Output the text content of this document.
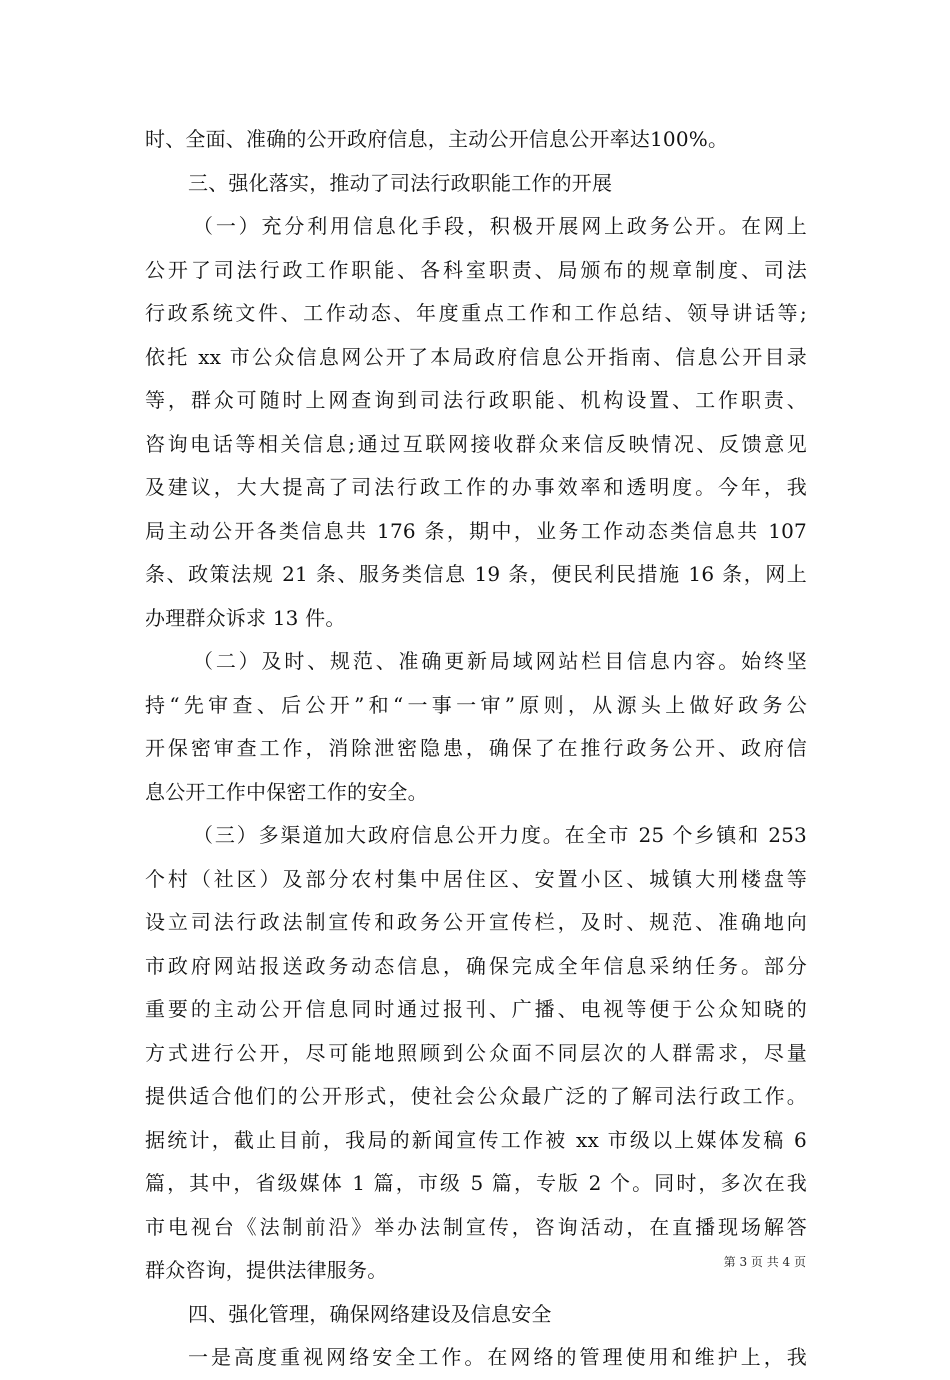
时、全面、准确的公开政府信息，主动公开信息公开率达100%。
三、强化落实，推动了司法行政职能工作的开展
（一）充分利用信息化手段，积极开展网上政务公开。在网上
公开了司法行政工作职能、各科室职责、局颁布的规章制度、司法
行政系统文件、工作动态、年度重点工作和工作总结、领导讲话等;
依托 xx 市公众信息网公开了本局政府信息公开指南、信息公开目录
等，群众可随时上网查询到司法行政职能、机构设置、工作职责、
咨询电话等相关信息;通过互联网接收群众来信反映情况、反馈意见
及建议，大大提高了司法行政工作的办事效率和透明度。今年，我
局主动公开各类信息共 176 条，期中，业务工作动态类信息共 107
条、政策法规 21 条、服务类信息 19 条，便民利民措施 16 条，网上
办理群众诉求 13 件。
（二）及时、规范、准确更新局域网站栏目信息内容。始终坚
持“先审查、后公开”和“一事一审”原则，从源头上做好政务公
开保密审查工作，消除泄密隐患，确保了在推行政务公开、政府信
息公开工作中保密工作的安全。
（三）多渠道加大政府信息公开力度。在全市 25 个乡镇和 253
个村（社区）及部分农村集中居住区、安置小区、城镇大刑楼盘等
设立司法行政法制宣传和政务公开宣传栏，及时、规范、准确地向
市政府网站报送政务动态信息，确保完成全年信息采纳任务。部分
重要的主动公开信息同时通过报刊、广播、电视等便于公众知晓的
方式进行公开，尽可能地照顾到公众面不同层次的人群需求，尽量
提供适合他们的公开形式，使社会公众最广泛的了解司法行政工作。
据统计，截止目前，我局的新闻宣传工作被 xx 市级以上媒体发稿 6
篇，其中，省级媒体 1 篇，市级 5 篇，专版 2 个。同时，多次在我
市电视台《法制前沿》举办法制宣传，咨询活动，在直播现场解答
群众咨询，提供法律服务。
四、强化管理，确保网络建设及信息安全
一是高度重视网络安全工作。在网络的管理使用和维护上，我
第 3 页 共 4 页
